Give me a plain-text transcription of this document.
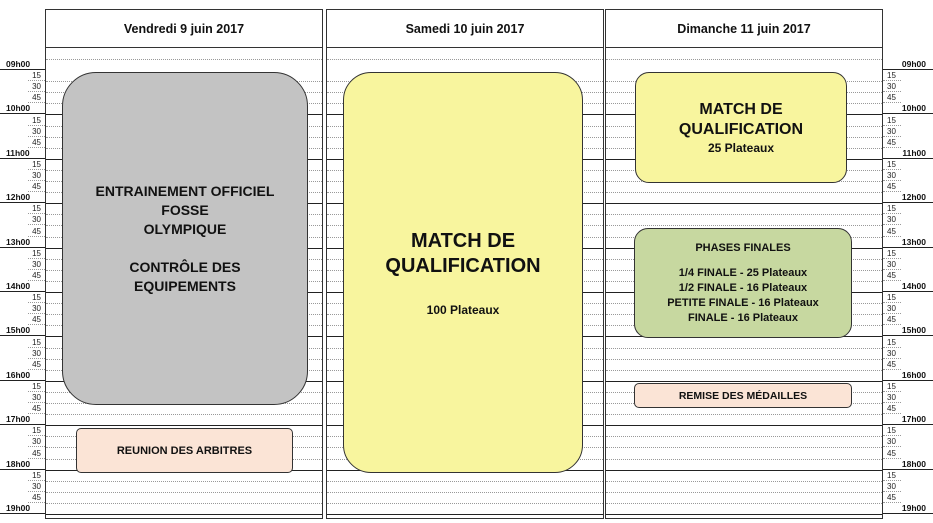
09h00
15
30
45
10h00
15
30
45
11h00
15
30
45
12h00
15
30
45
13h00
15
30
45
14h00
15
30
45
15h00
15
30
45
16h00
15
30
45
17h00
15
30
45
18h00
15
30
45
19h00
09h00
15
30
45
10h00
15
30
45
11h00
15
30
45
12h00
15
30
45
13h00
15
30
45
14h00
15
30
45
15h00
15
30
45
16h00
15
30
45
17h00
15
30
45
18h00
15
30
45
19h00
Vendredi 9 juin 2017	Samedi 10 juin 2017	Dimanche 11 juin 2017
ENTRAINEMENT OFFICIEL
FOSSE
OLYMPIQUE
CONTRÔLE DES
EQUIPEMENTS
REUNION DES ARBITRES
MATCH DE
QUALIFICATION
100 Plateaux
MATCH DE
QUALIFICATION
25 Plateaux
PHASES FINALES
1/4 FINALE - 25 Plateaux
1/2 FINALE - 16 Plateaux
PETITE FINALE - 16 Plateaux
FINALE - 16 Plateaux
REMISE DES MÉDAILLES
